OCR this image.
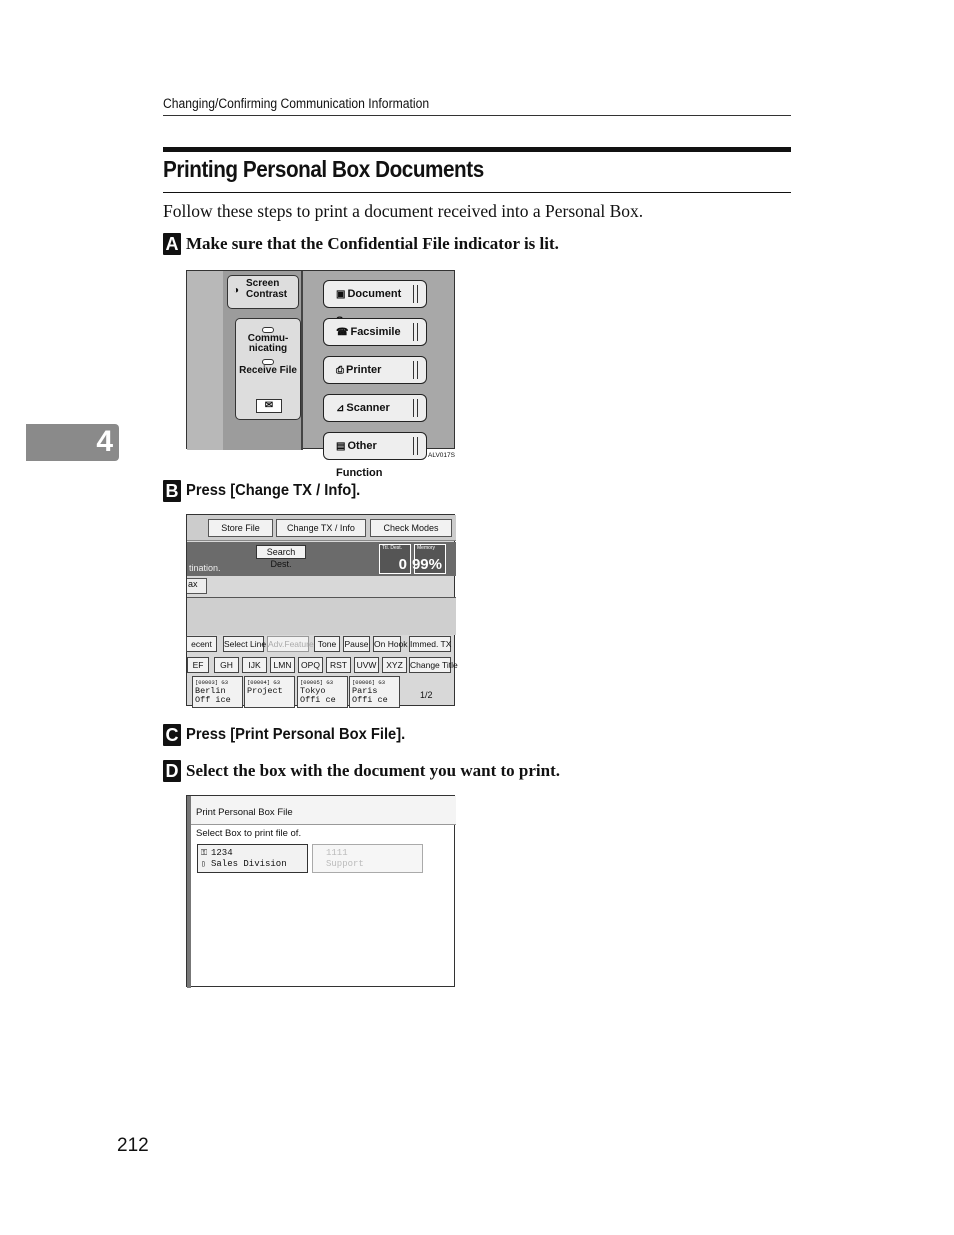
Changing/Confirming Communication Information
Printing Personal Box Documents
Follow these steps to print a document received into a Personal Box.
A Make sure that the Confidential File indicator is lit.
◑
Screen Contrast
Commu- nicating
Receive File
✉
▣ Document
☎ Facsimile
⎙ Printer
⊿ Scanner
▤ Other Function
ALV017S
4
B Press [Change TX / Info].
Store File	Change TX / Info	Check Modes
Search Dest.
tination.
Ttl. Dest.
0
Memory
99%
ax
ecent	Select Line Adv.Feature Tone Pause On Hook Immed. TX
EF	GH	IJK	LMN	OPQ	RST	UVW	XYZ Change Title
[00003] G3
Berlin Off ice
[00004] G3
Project
[00005] G3
Tokyo Offi ce
[00006] G3
Paris Offi ce	1/2
C Press [Print Personal Box File].
D Select the box with the document you want to print.
Print Personal Box File
Select Box to print file of.
⚿ 1234
▯ Sales Division
1111
Support
212
